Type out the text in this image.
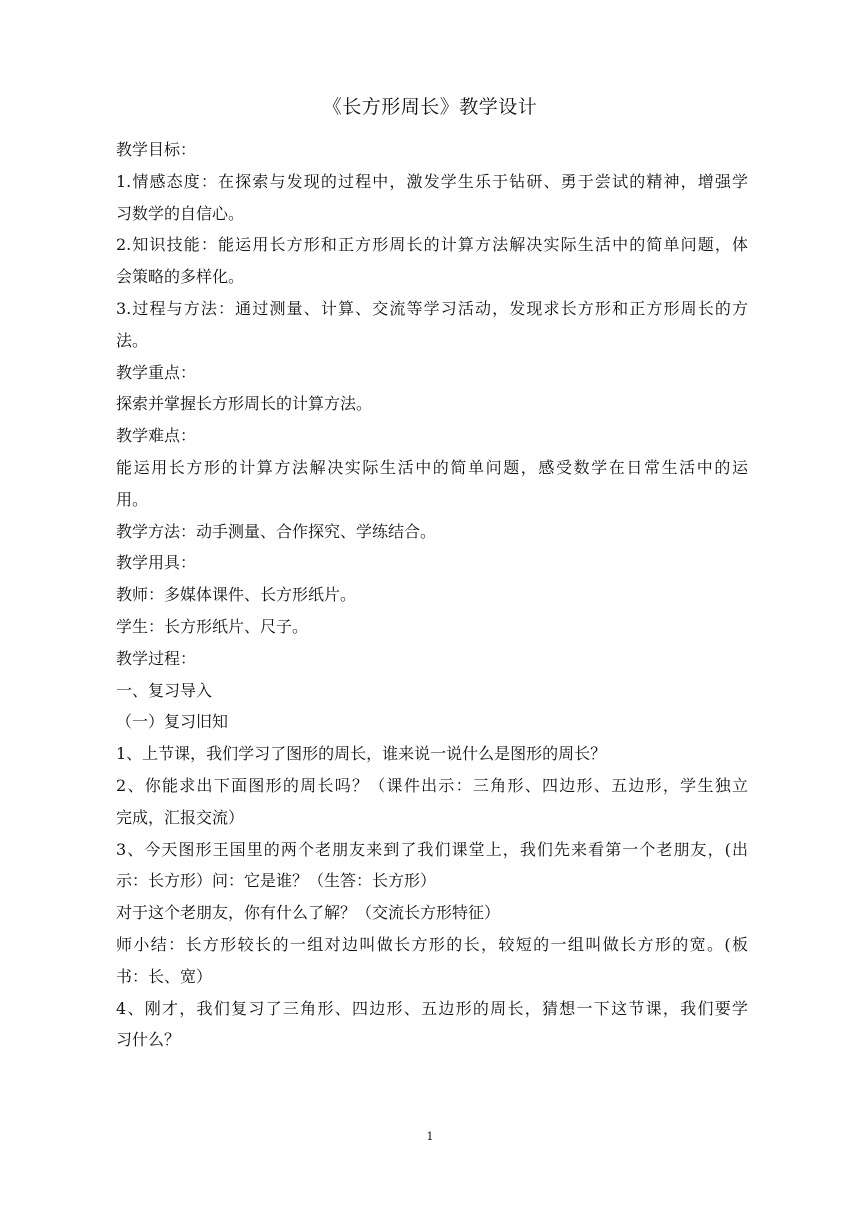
《长方形周长》教学设计
教学目标：
1.情感态度：在探索与发现的过程中，激发学生乐于钻研、勇于尝试的精神，增强学
习数学的自信心。
2.知识技能：能运用长方形和正方形周长的计算方法解决实际生活中的简单问题，体
会策略的多样化。
3.过程与方法：通过测量、计算、交流等学习活动，发现求长方形和正方形周长的方
法。
教学重点：
探索并掌握长方形周长的计算方法。
教学难点：
能运用长方形的计算方法解决实际生活中的简单问题，感受数学在日常生活中的运
用。
教学方法：动手测量、合作探究、学练结合。
教学用具：
教师：多媒体课件、长方形纸片。
学生：长方形纸片、尺子。
教学过程：
一、复习导入
（一）复习旧知
1、上节课，我们学习了图形的周长，谁来说一说什么是图形的周长？
2、你能求出下面图形的周长吗？（课件出示：三角形、四边形、五边形，学生独立
完成，汇报交流）
3、今天图形王国里的两个老朋友来到了我们课堂上，我们先来看第一个老朋友，(出
示：长方形）问：它是谁？（生答：长方形）
对于这个老朋友，你有什么了解？（交流长方形特征）
师小结：长方形较长的一组对边叫做长方形的长，较短的一组叫做长方形的宽。(板
书：长、宽）
4、刚才，我们复习了三角形、四边形、五边形的周长，猜想一下这节课，我们要学
习什么？
1
